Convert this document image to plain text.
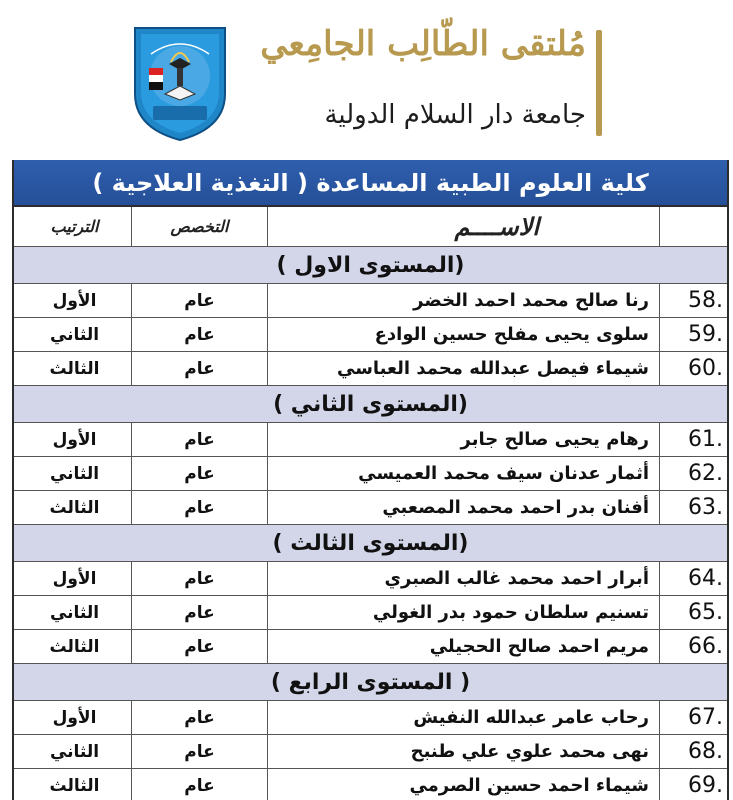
مُلتقى الطّالِب الجامِعي
جامعة دار السلام الدولية
كلية العلوم الطبية المساعدة ( التغذية العلاجية )
الاســــم
التخصص
الترتيب
(المستوى الاول )
58.
رنا صالح محمد احمد الخضر
عام
الأول
59.
سلوى يحيى مفلح حسين الوادع
عام
الثاني
60.
شيماء فيصل عبدالله محمد العباسي
عام
الثالث
(المستوى الثاني )
61.
رهام يحيى صالح جابر
عام
الأول
62.
أثمار عدنان سيف محمد العميسي
عام
الثاني
63.
أفنان بدر احمد محمد المصعبي
عام
الثالث
(المستوى الثالث )
64.
أبرار احمد محمد غالب الصبري
عام
الأول
65.
تسنيم سلطان حمود بدر الغولي
عام
الثاني
66.
مريم احمد صالح الحجيلي
عام
الثالث
( المستوى الرابع )
67.
رحاب عامر عبدالله النفيش
عام
الأول
68.
نهى محمد علوي علي طنبح
عام
الثاني
69.
شيماء احمد حسين الصرمي
عام
الثالث
